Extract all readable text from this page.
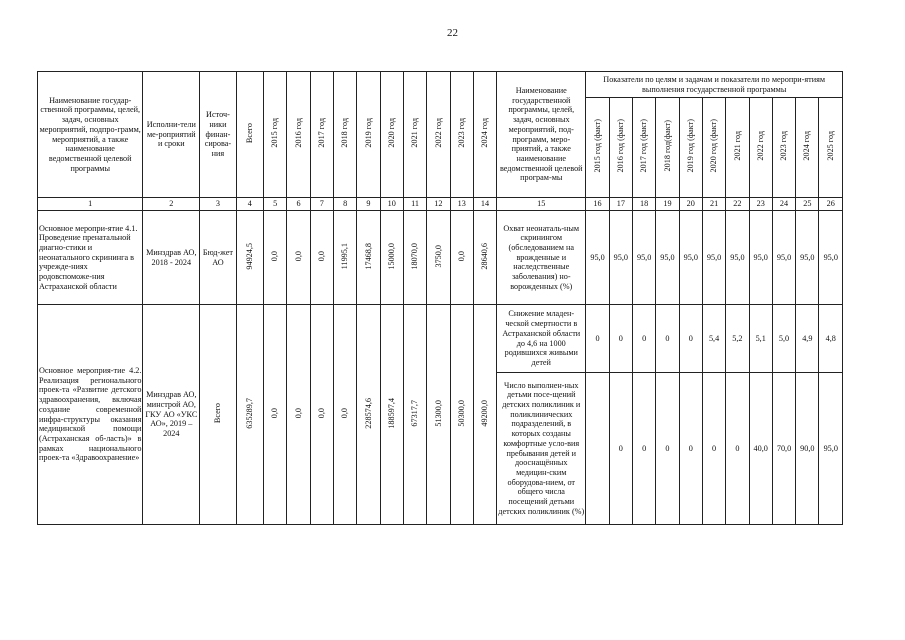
22
Наименование государ-ственной программы, целей, задач, основных мероприятий, подпро-грамм, мероприятий, а также наименование ведомственной целевой программы	Исполни-тели ме-роприятий и сроки	Источ-ники финан-сирова-ния	Всего	2015 год	2016 год	2017 год	2018 год	2019 год	2020 год	2021 год	2022 год	2023 год	2024 год	Наименование государственной программы, целей, задач, основных мероприятий, под-программ, меро-приятий, а также наименование ведомственной целевой програм-мы	Показатели по целям и задачам и показатели по меропри-ятиям выполнения государственной программы										
															2015 год (факт)	2016 год (факт)	2017 год (факт)	2018 год(факт)	2019 год (факт)	2020 год (факт)	2021 год	2022 год	2023 год	2024 год	2025 год
1	2	3	4	5	6	7	8	9	10	11	12	13	14	15	16	17	18	19	20	21	22	23	24	25	26
Основное меропри-ятие 4.1. Проведение пренатальной диагно-стики и неонатального скрининга в учрежде-ниях родовспоможе-ния Астраханской области	Минздрав АО, 2018 - 2024	Бюд-жет АО	94924,5	0,0	0,0	0,0	11995,1	17468,8	15000,0	18070,0	3750,0	0,0	28640,6	Охват неонаталь-ным скринингом (обследованием на врожденные и наследственные заболевания) но-ворожденных (%)	95,0	95,0	95,0	95,0	95,0	95,0	95,0	95,0	95,0	95,0	95,0
Основное мероприя-тие 4.2. Реализация регионального проек-та «Развитие детского здравоохранения, включая создание современной инфра-структуры оказания медицинской помощи (Астраханская об-ласть)» в рамках национального проек-та «Здравоохранение»	Минздрав АО, минстрой АО, ГКУ АО «УКС АО», 2019 – 2024	Всего	635289,7	0,0	0,0	0,0	0,0	228574,6	188597,4	67317,7	51300,0	50300,0	49200,0	Снижение младен-ческой смертности в Астраханской области до 4,6 на 1000 родившихся живыми детей	0	0	0	0	0	5,4	5,2	5,1	5,0	4,9	4,8
														Число выполнен-ных детьми посе-щений детских поликлиник и поликлинических подразделений, в которых созданы комфортные усло-вия пребывания детей и дооснащённых медицин-ским оборудова-нием, от общего числа посещений детьми детских поликлиник (%)		0	0	0	0	0	0	40,0	70,0	90,0	95,0
